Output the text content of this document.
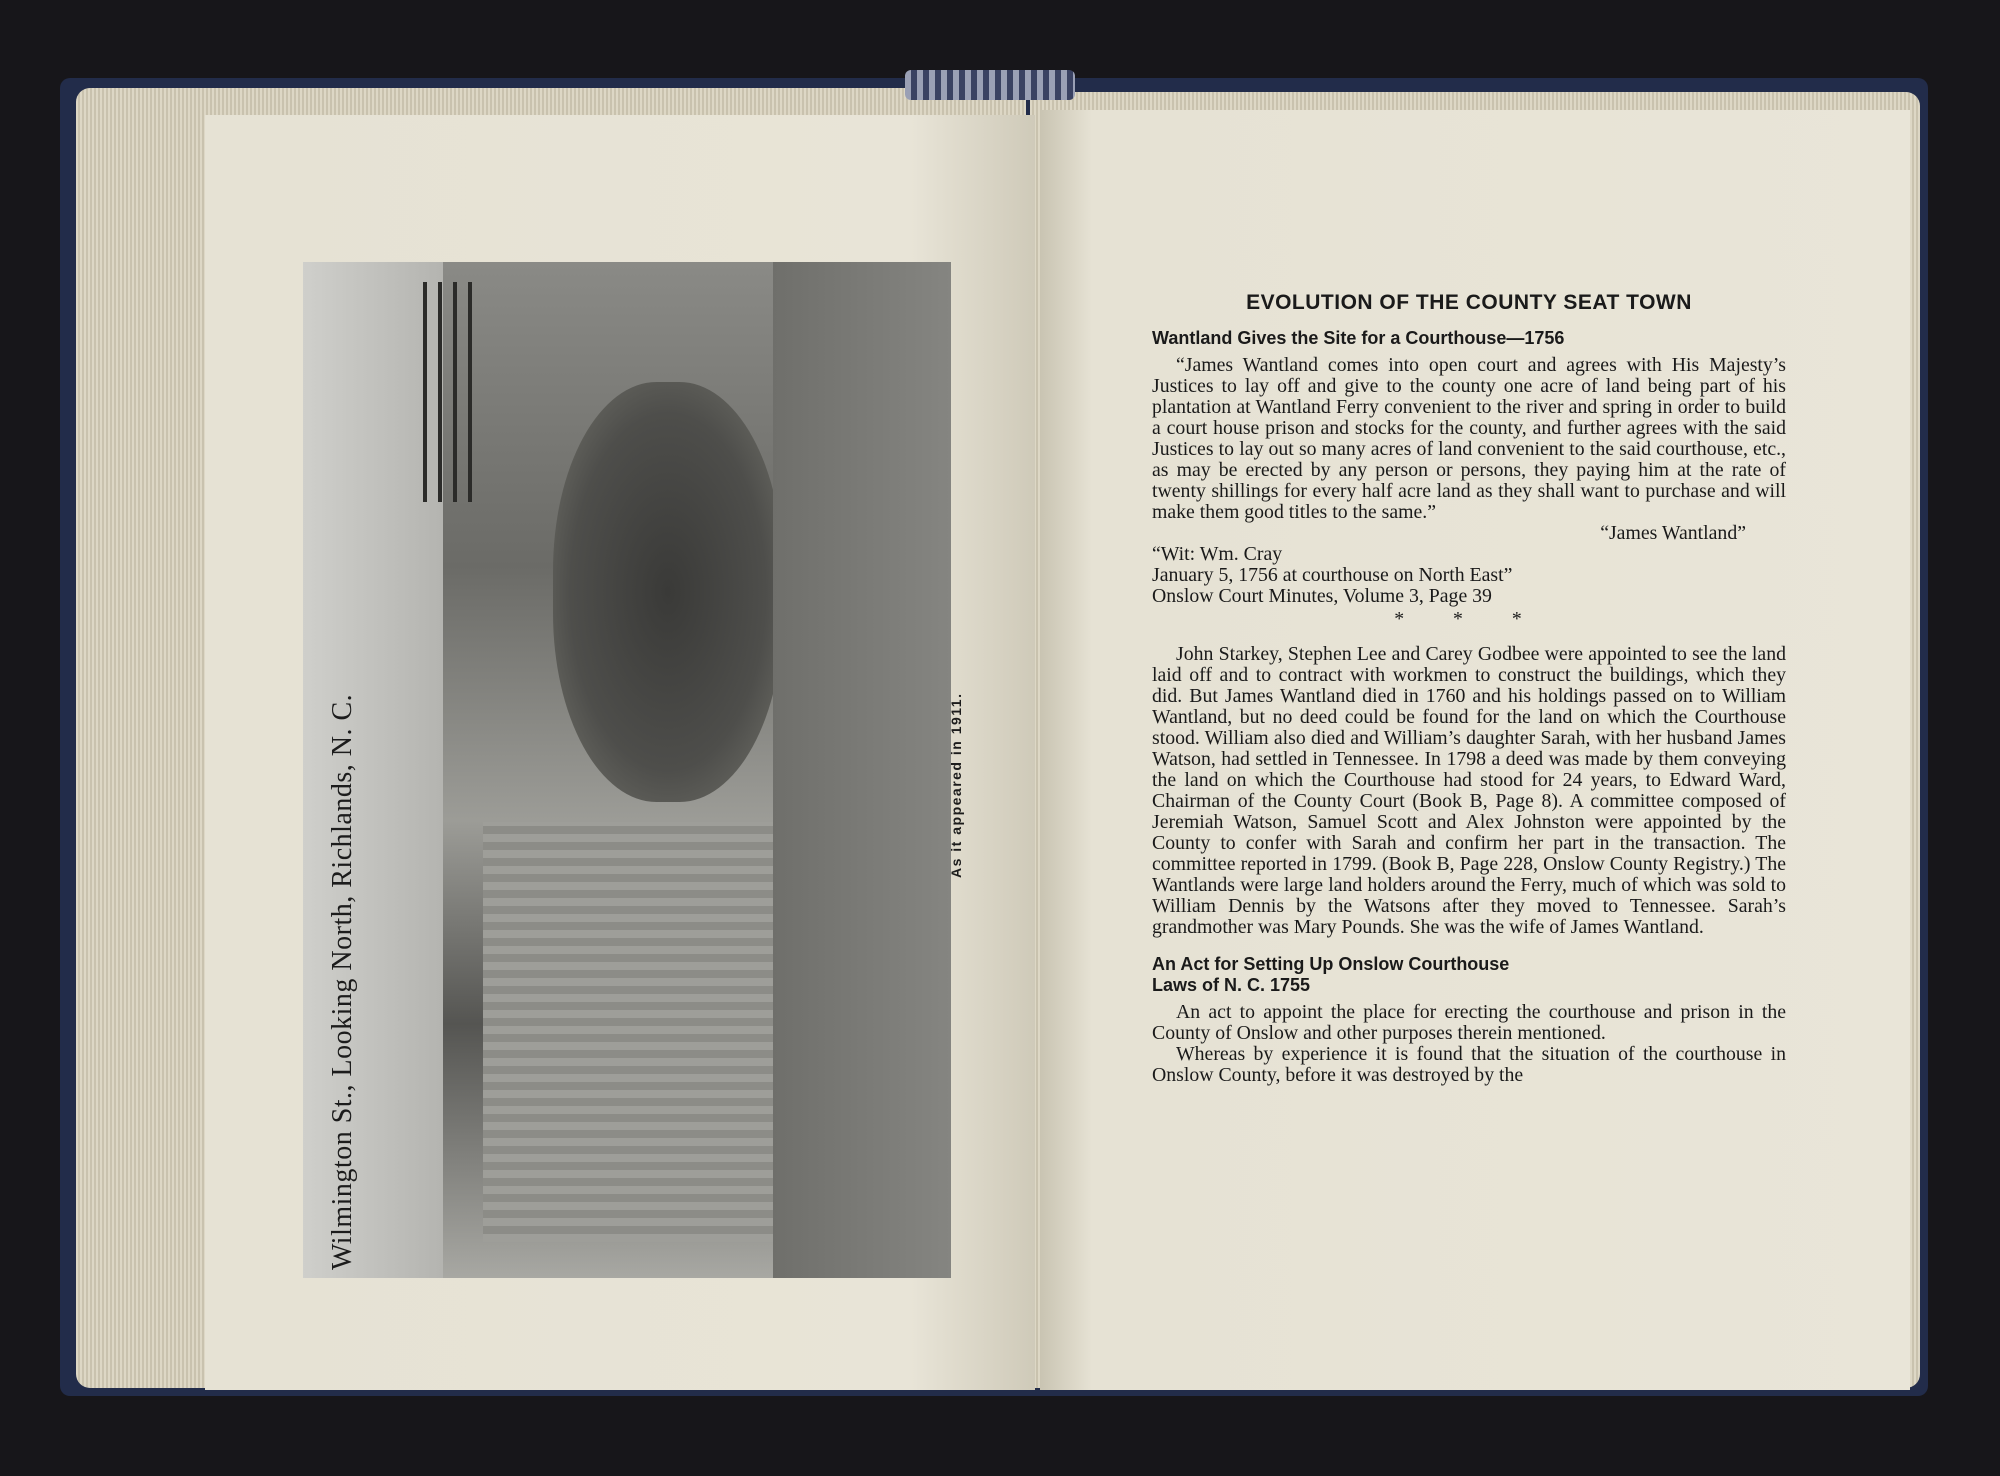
Wilmington St., Looking North, Richlands, N. C.	As it appeared in 1911.
EVOLUTION OF THE COUNTY SEAT TOWN
Wantland Gives the Site for a Courthouse—1756

“James Wantland comes into open court and agrees with His Majesty’s Justices to lay off and give to the county one acre of land being part of his plantation at Wantland Ferry convenient to the river and spring in order to build a court house prison and stocks for the county, and further agrees with the said Justices to lay out so many acres of land convenient to the said courthouse, etc., as may be erected by any person or persons, they paying him at the rate of twenty shillings for every half acre land as they shall want to purchase and will make them good titles to the same.”

“James Wantland”

“Wit: Wm. Cray

January 5, 1756 at courthouse on North East”

Onslow Court Minutes, Volume 3, Page 39

* * *

John Starkey, Stephen Lee and Carey Godbee were appointed to see the land laid off and to contract with workmen to construct the buildings, which they did. But James Wantland died in 1760 and his holdings passed on to William Wantland, but no deed could be found for the land on which the Courthouse stood. William also died and William’s daughter Sarah, with her husband James Watson, had settled in Tennessee. In 1798 a deed was made by them conveying the land on which the Courthouse had stood for 24 years, to Edward Ward, Chairman of the County Court (Book B, Page 8). A committee composed of Jeremiah Watson, Samuel Scott and Alex Johnston were appointed by the County to confer with Sarah and confirm her part in the transaction. The committee reported in 1799. (Book B, Page 228, Onslow County Registry.) The Wantlands were large land holders around the Ferry, much of which was sold to William Dennis by the Watsons after they moved to Tennessee. Sarah’s grandmother was Mary Pounds. She was the wife of James Wantland.

An Act for Setting Up Onslow Courthouse
Laws of N. C. 1755

An act to appoint the place for erecting the courthouse and prison in the County of Onslow and other purposes therein mentioned.

Whereas by experience it is found that the situation of the courthouse in Onslow County, before it was destroyed by the
